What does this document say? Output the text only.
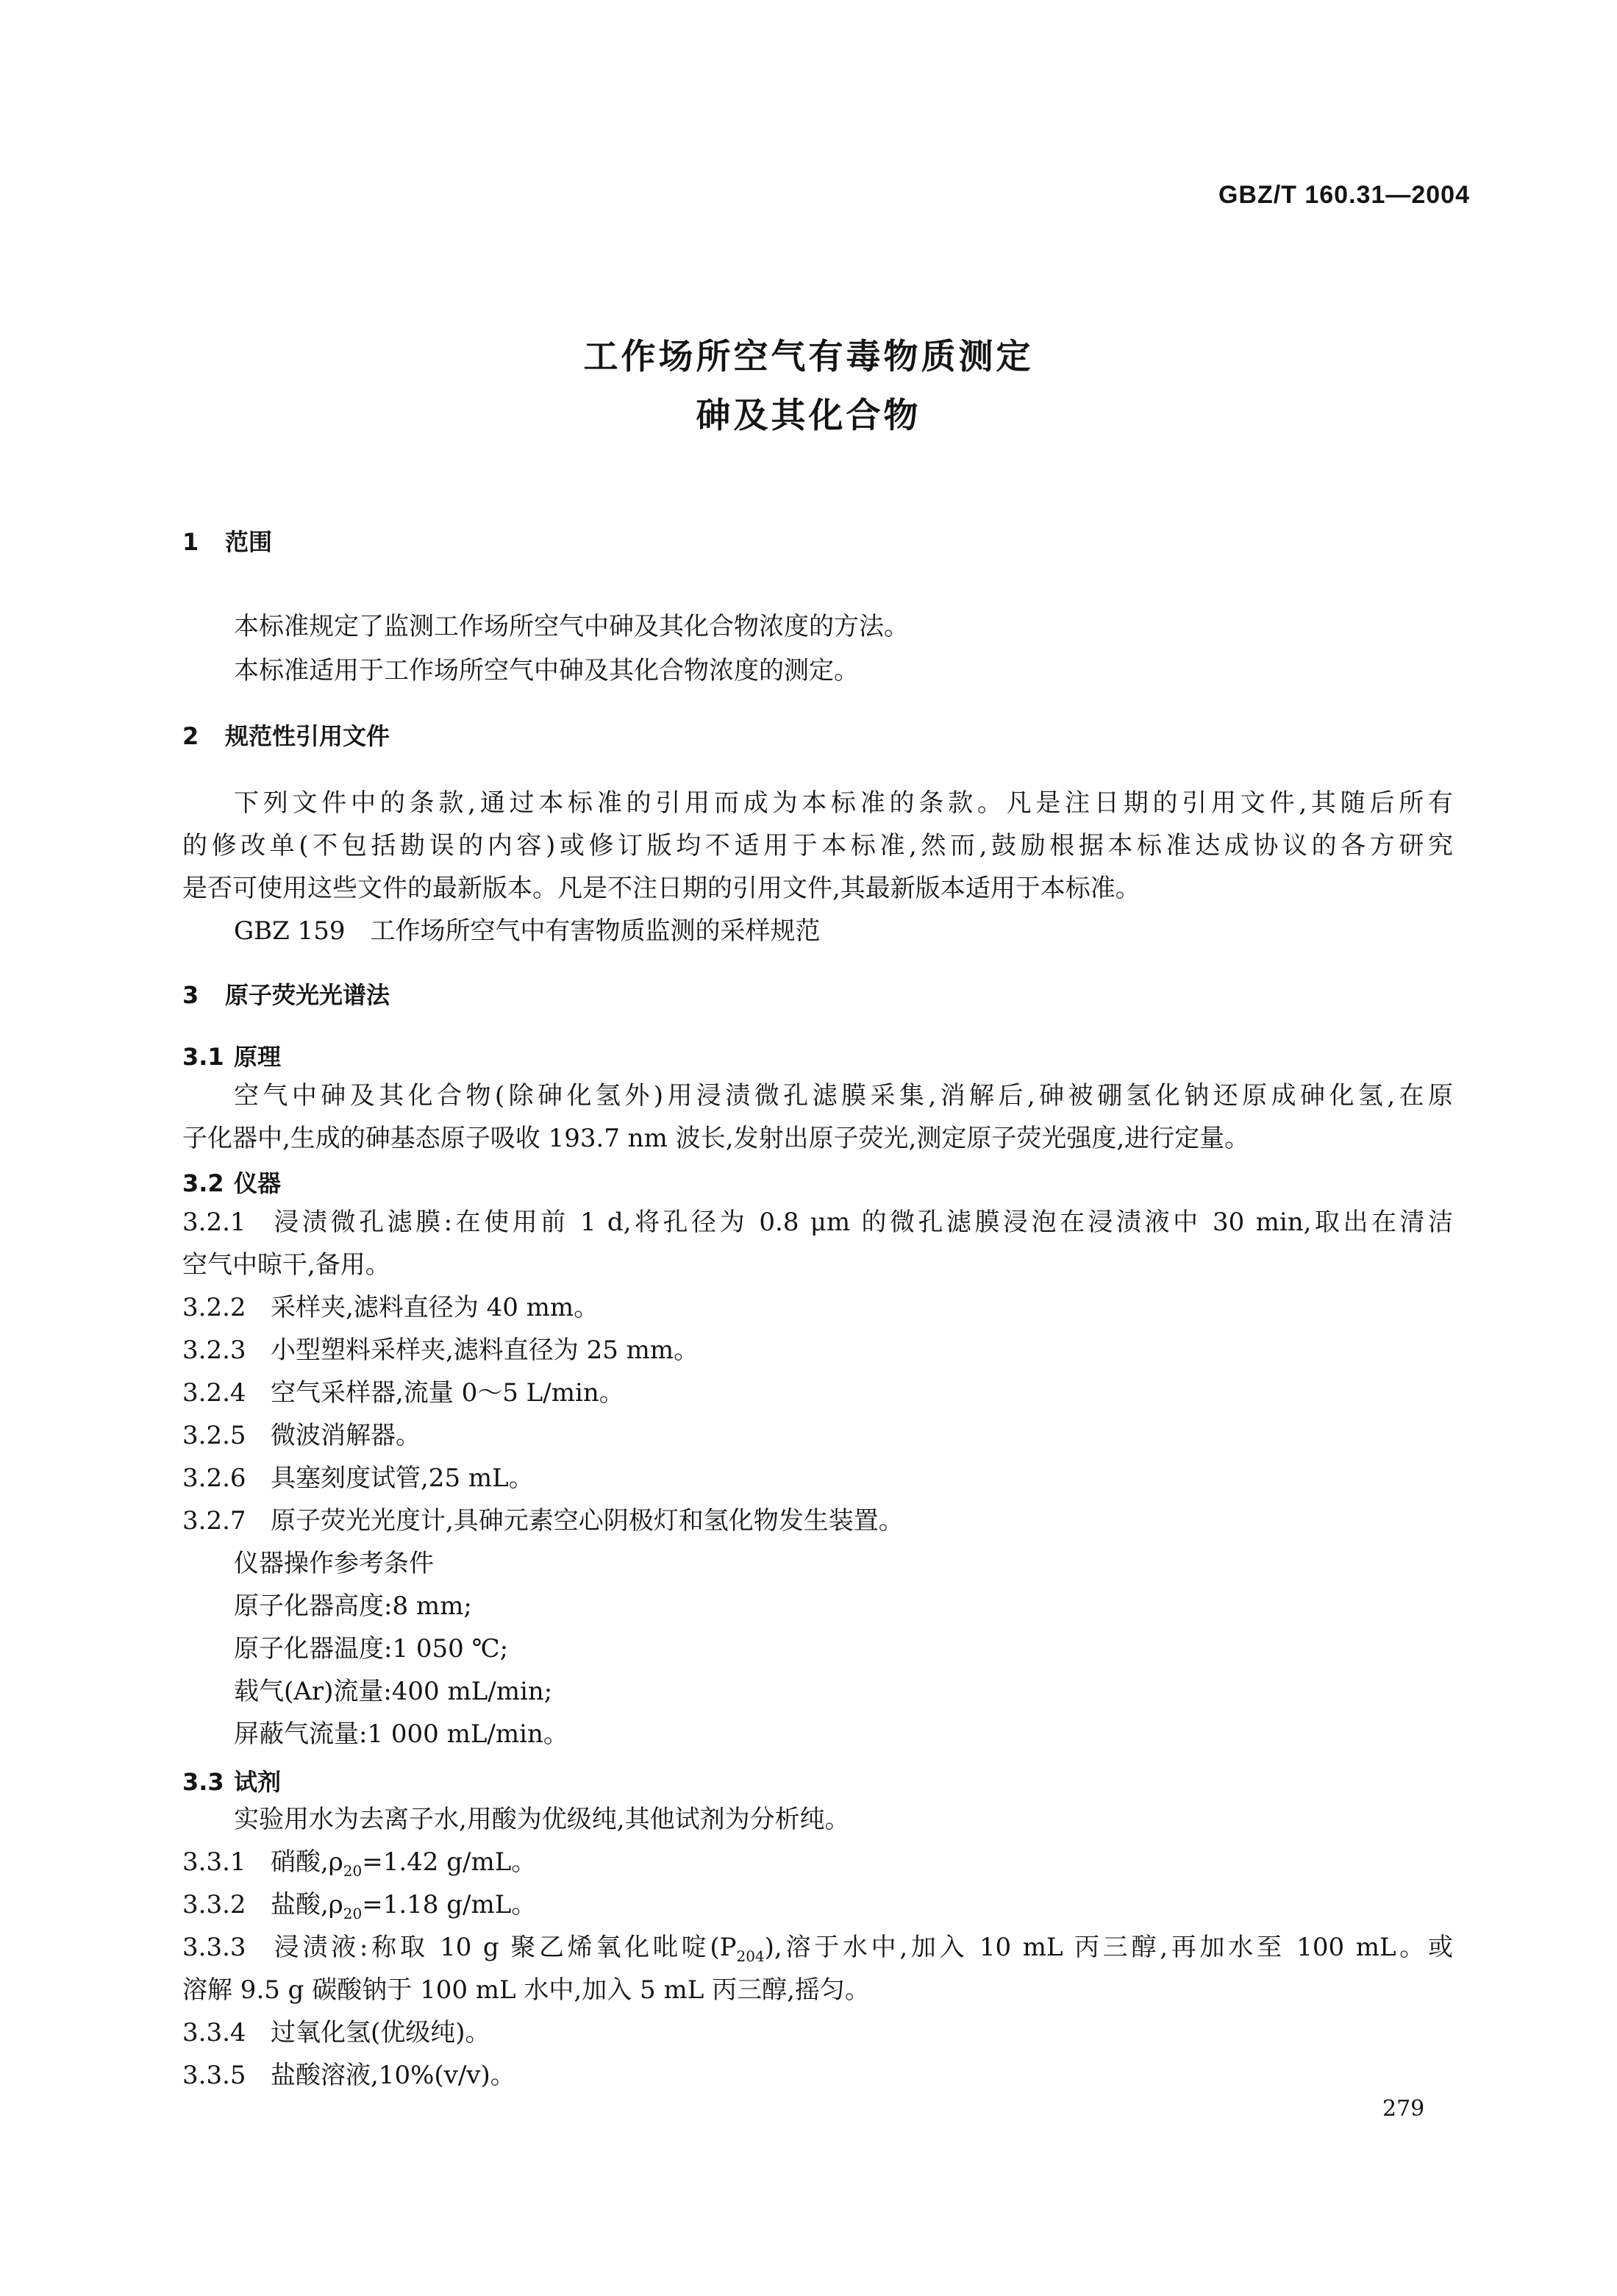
GBZ/T 160.31—2004
工作场所空气有毒物质测定
砷及其化合物
1 范围
本标准规定了监测工作场所空气中砷及其化合物浓度的方法。
本标准适用于工作场所空气中砷及其化合物浓度的测定。
2 规范性引用文件
下列文件中的条款,通过本标准的引用而成为本标准的条款。凡是注日期的引用文件,其随后所有
的修改单(不包括勘误的内容)或修订版均不适用于本标准,然而,鼓励根据本标准达成协议的各方研究
是否可使用这些文件的最新版本。凡是不注日期的引用文件,其最新版本适用于本标准。
GBZ 159　工作场所空气中有害物质监测的采样规范
3 原子荧光光谱法
3.1 原理
空气中砷及其化合物(除砷化氢外)用浸渍微孔滤膜采集,消解后,砷被硼氢化钠还原成砷化氢,在原
子化器中,生成的砷基态原子吸收 193.7 nm 波长,发射出原子荧光,测定原子荧光强度,进行定量。
3.2 仪器
3.2.1 浸渍微孔滤膜:在使用前 1 d,将孔径为 0.8 μm 的微孔滤膜浸泡在浸渍液中 30 min,取出在清洁
空气中晾干,备用。
3.2.2 采样夹,滤料直径为 40 mm。
3.2.3 小型塑料采样夹,滤料直径为 25 mm。
3.2.4 空气采样器,流量 0～5 L/min。
3.2.5 微波消解器。
3.2.6 具塞刻度试管,25 mL。
3.2.7 原子荧光光度计,具砷元素空心阴极灯和氢化物发生装置。
仪器操作参考条件
原子化器高度:8 mm;
原子化器温度:1 050 ℃;
载气(Ar)流量:400 mL/min;
屏蔽气流量:1 000 mL/min。
3.3 试剂
实验用水为去离子水,用酸为优级纯,其他试剂为分析纯。
3.3.1 硝酸$,\rho_{20}=1.42$ g/mL。
3.3.2 盐酸$,\rho_{20}=1.18$ g/mL。
3.3.3 浸渍液:称取 10 g 聚乙烯氧化吡啶$(P_{204})$,溶于水中,加入 10 mL 丙三醇,再加水至 100 mL。或
溶解 9.5 g 碳酸钠于 100 mL 水中,加入 5 mL 丙三醇,摇匀。
3.3.4 过氧化氢(优级纯)。
3.3.5 盐酸溶液,10%(v/v)。
279
